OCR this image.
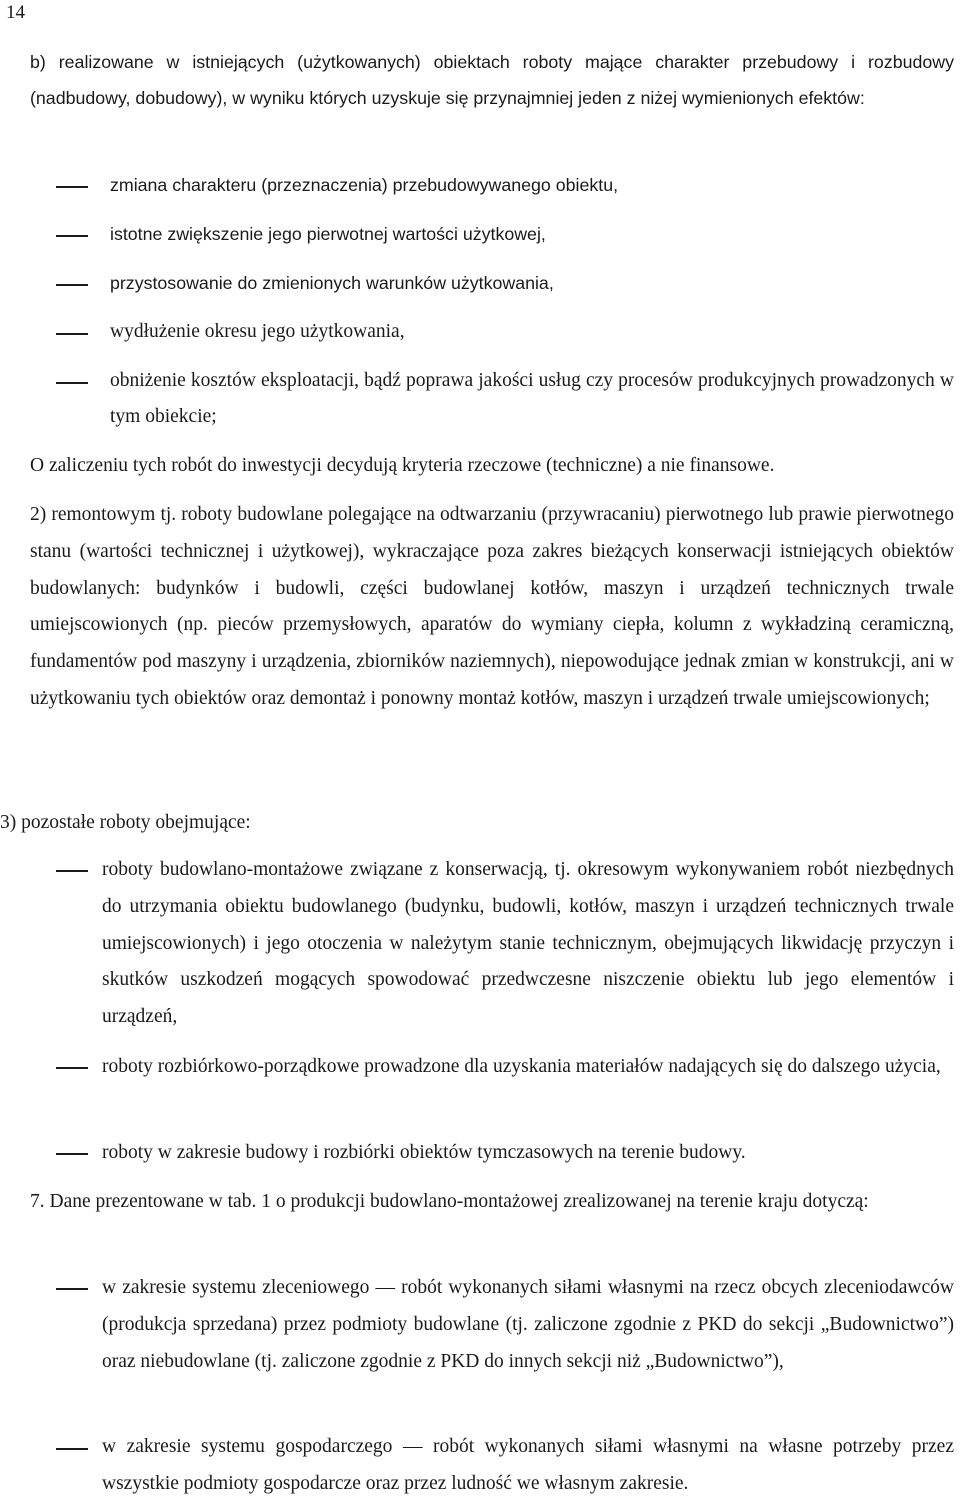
14
b) realizowane w istniejących (użytkowanych) obiektach roboty mające charakter przebudowy i rozbudowy (nadbudowy, dobudowy), w wyniku których uzyskuje się przynajmniej jeden z niżej wymienionych efektów:
zmiana charakteru (przeznaczenia) przebudowywanego obiektu,
istotne zwiększenie jego pierwotnej wartości użytkowej,
przystosowanie do zmienionych warunków użytkowania,
wydłużenie okresu jego użytkowania,
obniżenie kosztów eksploatacji, bądź poprawa jakości usług czy procesów produkcyjnych prowadzonych w tym obiekcie;
O zaliczeniu tych robót do inwestycji decydują kryteria rzeczowe (techniczne) a nie finansowe.
2) remontowym tj. roboty budowlane polegające na odtwarzaniu (przywracaniu) pierwotnego lub prawie pierwotnego stanu (wartości technicznej i użytkowej), wykraczające poza zakres bieżących konserwacji istniejących obiektów budowlanych: budynków i budowli, części budowlanej kotłów, maszyn i urządzeń technicznych trwale umiejscowionych (np. pieców przemysłowych, aparatów do wymiany ciepła, kolumn z wykładziną ceramiczną, fundamentów pod maszyny i urządzenia, zbiorników naziemnych), niepowodujące jednak zmian w konstrukcji, ani w użytkowaniu tych obiektów oraz demontaż i ponowny montaż kotłów, maszyn i urządzeń trwale umiejscowionych;
3) pozostałe roboty obejmujące:
roboty budowlano-montażowe związane z konserwacją, tj. okresowym wykonywaniem robót niezbędnych do utrzymania obiektu budowlanego (budynku, budowli, kotłów, maszyn i urządzeń technicznych trwale umiejscowionych) i jego otoczenia w należytym stanie technicznym, obejmujących likwidację przyczyn i skutków uszkodzeń mogących spowodować przedwczesne niszczenie obiektu lub jego elementów i urządzeń,
roboty rozbiórkowo-porządkowe prowadzone dla uzyskania materiałów nadających się do dalszego użycia,
roboty w zakresie budowy i rozbiórki obiektów tymczasowych na terenie budowy.
7. Dane prezentowane w tab. 1 o produkcji budowlano-montażowej zrealizowanej na terenie kraju dotyczą:
w zakresie systemu zleceniowego — robót wykonanych siłami własnymi na rzecz obcych zleceniodawców (produkcja sprzedana) przez podmioty budowlane (tj. zaliczone zgodnie z PKD do sekcji „Budownictwo”) oraz niebudowlane (tj. zaliczone zgodnie z PKD do innych sekcji niż „Budownictwo”),
w zakresie systemu gospodarczego — robót wykonanych siłami własnymi na własne potrzeby przez wszystkie podmioty gospodarcze oraz przez ludność we własnym zakresie.
